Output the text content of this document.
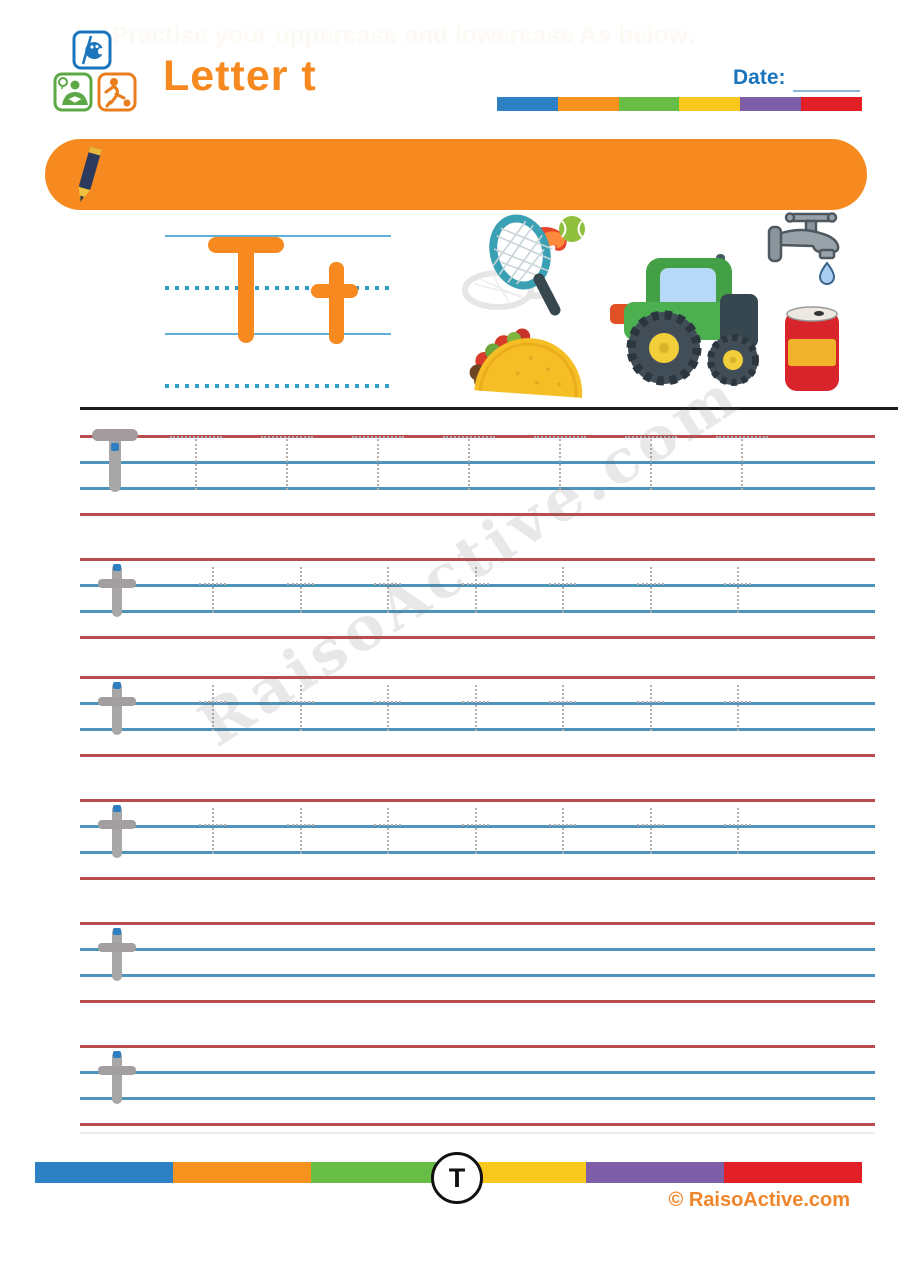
Letter t	Date:
Practise your uppercase and lowercase As below:
T
© RaisoActive.com
